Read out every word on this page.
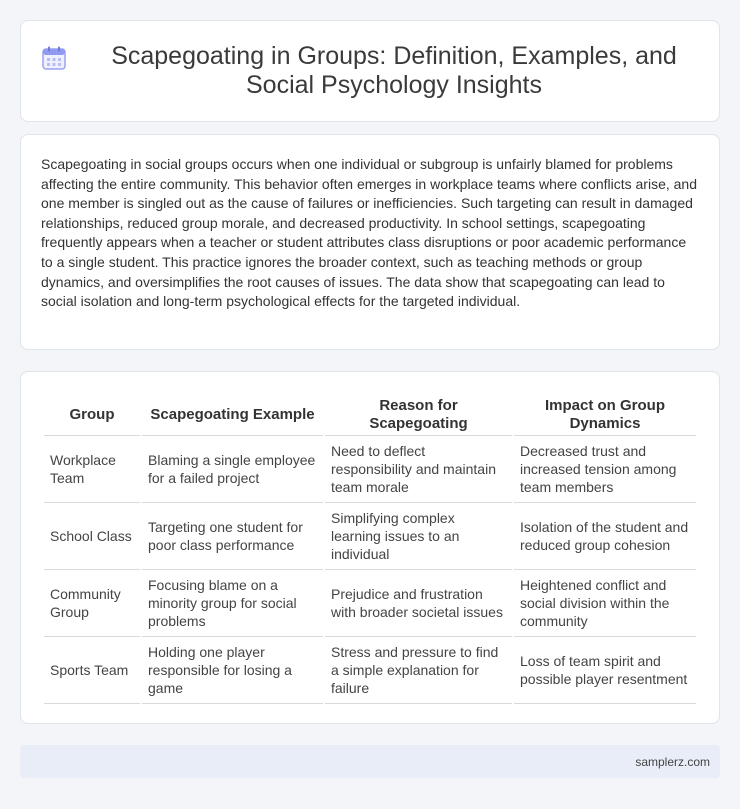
Scapegoating in Groups: Definition, Examples, and Social Psychology Insights

Scapegoating in social groups occurs when one individual or subgroup is unfairly blamed for problems affecting the entire community. This behavior often emerges in workplace teams where conflicts arise, and one member is singled out as the cause of failures or inefficiencies. Such targeting can result in damaged relationships, reduced group morale, and decreased productivity. In school settings, scapegoating frequently appears when a teacher or student attributes class disruptions or poor academic performance to a single student. This practice ignores the broader context, such as teaching methods or group dynamics, and oversimplifies the root causes of issues. The data show that scapegoating can lead to social isolation and long-term psychological effects for the targeted individual.

Group	Scapegoating Example	Reason for Scapegoating	Impact on Group Dynamics
Workplace Team	Blaming a single employee for a failed project	Need to deflect responsibility and maintain team morale	Decreased trust and increased tension among team members
School Class	Targeting one student for poor class performance	Simplifying complex learning issues to an individual	Isolation of the student and reduced group cohesion
Community Group	Focusing blame on a minority group for social problems	Prejudice and frustration with broader societal issues	Heightened conflict and social division within the community
Sports Team	Holding one player responsible for losing a game	Stress and pressure to find a simple explanation for failure	Loss of team spirit and possible player resentment
samplerz.com
